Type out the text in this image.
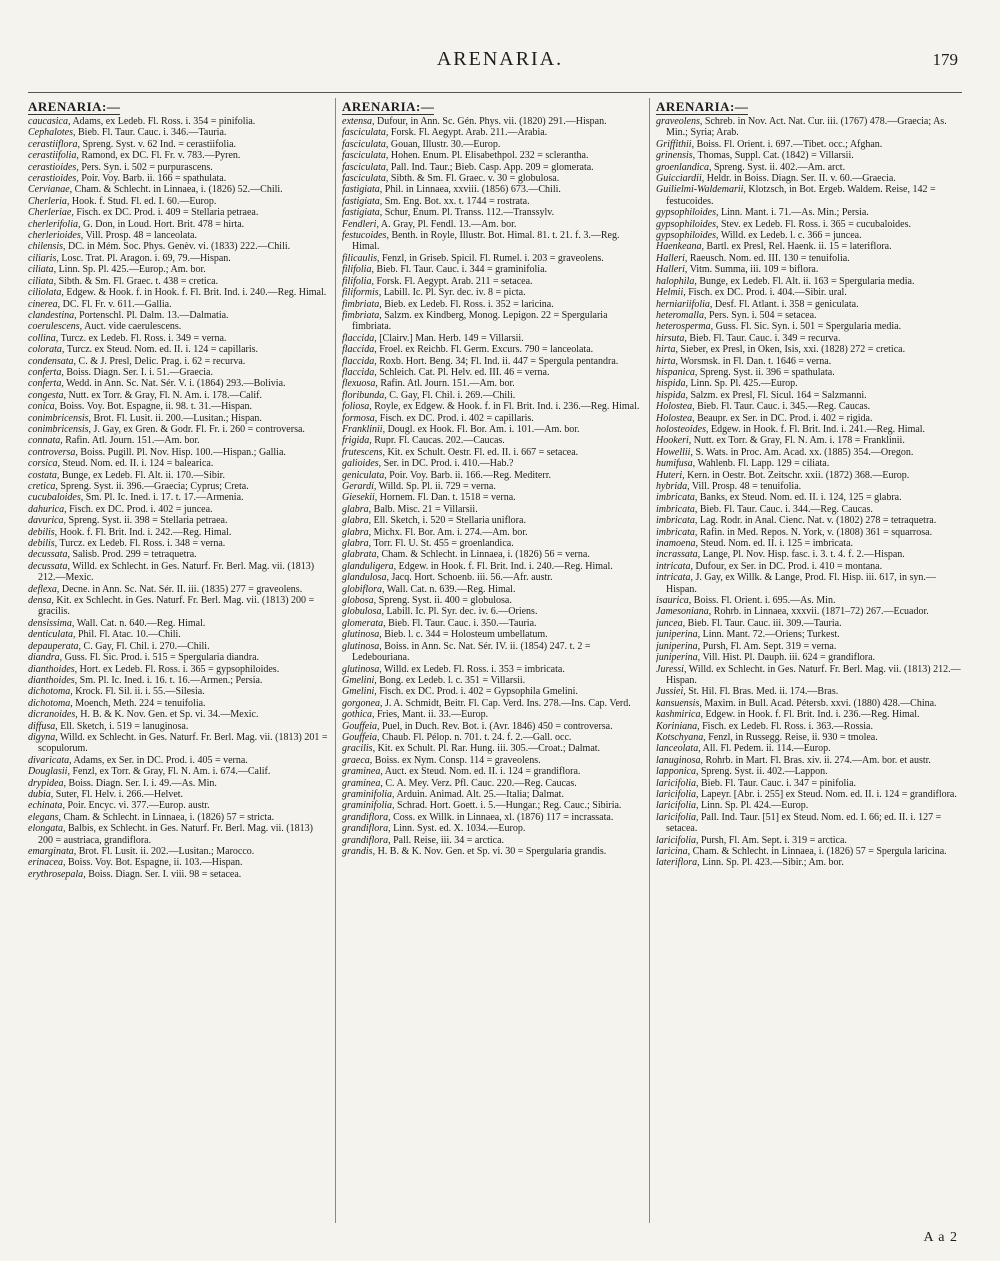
ARENARIA.	179
ARENARIA:—

caucasica, Adams, ex Ledeb. Fl. Ross. i. 354 = pinifolia.

Cephalotes, Bieb. Fl. Taur. Cauc. i. 346.—Tauria.

cerastiiflora, Spreng. Syst. v. 62 Ind. = cerastiifolia.

cerastiifolia, Ramond, ex DC. Fl. Fr. v. 783.—Pyren.

cerastioides, Pers. Syn. i. 502 = purpurascens.

cerastioides, Poir. Voy. Barb. ii. 166 = spathulata.

Cervianae, Cham. & Schlecht. in Linnaea, i. (1826) 52.—Chili.

Cherleria, Hook. f. Stud. Fl. ed. I. 60.—Europ.

Cherleriae, Fisch. ex DC. Prod. i. 409 = Stellaria petraea.

cherlerifolia, G. Don, in Loud. Hort. Brit. 478 = hirta.

cherlerioides, Vill. Prosp. 48 = lanceolata.

chilensis, DC. in Mém. Soc. Phys. Genèv. vi. (1833) 222.—Chili.

ciliaris, Losc. Trat. Pl. Aragon. i. 69, 79.—Hispan.

ciliata, Linn. Sp. Pl. 425.—Europ.; Am. bor.

ciliata, Sibth. & Sm. Fl. Graec. t. 438 = cretica.

ciliolata, Edgew. & Hook. f. in Hook. f. Fl. Brit. Ind. i. 240.—Reg. Himal.

cinerea, DC. Fl. Fr. v. 611.—Gallia.

clandestina, Portenschl. Pl. Dalm. 13.—Dalmatia.

coerulescens, Auct. vide caerulescens.

collina, Turcz. ex Ledeb. Fl. Ross. i. 349 = verna.

colorata, Turcz. ex Steud. Nom. ed. II. i. 124 = capillaris.

condensata, C. & J. Presl, Delic. Prag. i. 62 = recurva.

conferta, Boiss. Diagn. Ser. I. i. 51.—Graecia.

conferta, Wedd. in Ann. Sc. Nat. Sér. V. i. (1864) 293.—Bolivia.

congesta, Nutt. ex Torr. & Gray, Fl. N. Am. i. 178.—Calif.

conica, Boiss. Voy. Bot. Espagne, ii. 98. t. 31.—Hispan.

conimbricensis, Brot. Fl. Lusit. ii. 200.—Lusitan.; Hispan.

conimbricensis, J. Gay, ex Gren. & Godr. Fl. Fr. i. 260 = controversa.

connata, Rafin. Atl. Journ. 151.—Am. bor.

controversa, Boiss. Pugill. Pl. Nov. Hisp. 100.—Hispan.; Gallia.

corsica, Steud. Nom. ed. II. i. 124 = balearica.

costata, Bunge, ex Ledeb. Fl. Alt. ii. 170.—Sibir.

cretica, Spreng. Syst. ii. 396.—Graecia; Cyprus; Creta.

cucubaloides, Sm. Pl. Ic. Ined. i. 17. t. 17.—Armenia.

dahurica, Fisch. ex DC. Prod. i. 402 = juncea.

davurica, Spreng. Syst. ii. 398 = Stellaria petraea.

debilis, Hook. f. Fl. Brit. Ind. i. 242.—Reg. Himal.

debilis, Turcz. ex Ledeb. Fl. Ross. i. 348 = verna.

decussata, Salisb. Prod. 299 = tetraquetra.

decussata, Willd. ex Schlecht. in Ges. Naturf. Fr. Berl. Mag. vii. (1813) 212.—Mexic.

deflexa, Decne. in Ann. Sc. Nat. Sér. II. iii. (1835) 277 = graveolens.

densa, Kit. ex Schlecht. in Ges. Naturf. Fr. Berl. Mag. vii. (1813) 200 = gracilis.

densissima, Wall. Cat. n. 640.—Reg. Himal.

denticulata, Phil. Fl. Atac. 10.—Chili.

depauperata, C. Gay, Fl. Chil. i. 270.—Chili.

diandra, Guss. Fl. Sic. Prod. i. 515 = Spergularia diandra.

dianthoides, Hort. ex Ledeb. Fl. Ross. i. 365 = gypsophiloides.

dianthoides, Sm. Pl. Ic. Ined. i. 16. t. 16.—Armen.; Persia.

dichotoma, Krock. Fl. Sil. ii. i. 55.—Silesia.

dichotoma, Moench, Meth. 224 = tenuifolia.

dicranoides, H. B. & K. Nov. Gen. et Sp. vi. 34.—Mexic.

diffusa, Ell. Sketch, i. 519 = lanuginosa.

digyna, Willd. ex Schlecht. in Ges. Naturf. Fr. Berl. Mag. vii. (1813) 201 = scopulorum.

divaricata, Adams, ex Ser. in DC. Prod. i. 405 = verna.

Douglasii, Fenzl, ex Torr. & Gray, Fl. N. Am. i. 674.—Calif.

drypidea, Boiss. Diagn. Ser. I. i. 49.—As. Min.

dubia, Suter, Fl. Helv. i. 266.—Helvet.

echinata, Poir. Encyc. vi. 377.—Europ. austr.

elegans, Cham. & Schlecht. in Linnaea, i. (1826) 57 = stricta.

elongata, Balbis, ex Schlecht. in Ges. Naturf. Fr. Berl. Mag. vii. (1813) 200 = austriaca, grandiflora.

emarginata, Brot. Fl. Lusit. ii. 202.—Lusitan.; Marocco.

erinacea, Boiss. Voy. Bot. Espagne, ii. 103.—Hispan.

erythrosepala, Boiss. Diagn. Ser. I. viii. 98 = setacea.

ARENARIA:—

extensa, Dufour, in Ann. Sc. Gén. Phys. vii. (1820) 291.—Hispan.

fasciculata, Forsk. Fl. Aegypt. Arab. 211.—Arabia.

fasciculata, Gouan, Illustr. 30.—Europ.

fasciculata, Hohen. Enum. Pl. Elisabethpol. 232 = sclerantha.

fasciculata, Pall. Ind. Taur.; Bieb. Casp. App. 209 = glomerata.

fasciculata, Sibth. & Sm. Fl. Graec. v. 30 = globulosa.

fastigiata, Phil. in Linnaea, xxviii. (1856) 673.—Chili.

fastigiata, Sm. Eng. Bot. xx. t. 1744 = rostrata.

fastigiata, Schur, Enum. Pl. Transs. 112.—Transsylv.

Fendleri, A. Gray, Pl. Fendl. 13.—Am. bor.

festucoides, Benth. in Royle, Illustr. Bot. Himal. 81. t. 21. f. 3.—Reg. Himal.

filicaulis, Fenzl, in Griseb. Spicil. Fl. Rumel. i. 203 = graveolens.

filifolia, Bieb. Fl. Taur. Cauc. i. 344 = graminifolia.

filifolia, Forsk. Fl. Aegypt. Arab. 211 = setacea.

filiformis, Labill. Ic. Pl. Syr. dec. iv. 8 = picta.

fimbriata, Bieb. ex Ledeb. Fl. Ross. i. 352 = laricina.

fimbriata, Salzm. ex Kindberg, Monog. Lepigon. 22 = Spergularia fimbriata.

flaccida, [Clairv.] Man. Herb. 149 = Villarsii.

flaccida, Froel. ex Reichb. Fl. Germ. Excurs. 790 = lanceolata.

flaccida, Roxb. Hort. Beng. 34; Fl. Ind. ii. 447 = Spergula pentandra.

flaccida, Schleich. Cat. Pl. Helv. ed. III. 46 = verna.

flexuosa, Rafin. Atl. Journ. 151.—Am. bor.

floribunda, C. Gay, Fl. Chil. i. 269.—Chili.

foliosa, Royle, ex Edgew. & Hook. f. in Fl. Brit. Ind. i. 236.—Reg. Himal.

formosa, Fisch. ex DC. Prod. i. 402 = capillaris.

Franklinii, Dougl. ex Hook. Fl. Bor. Am. i. 101.—Am. bor.

frigida, Rupr. Fl. Caucas. 202.—Caucas.

frutescens, Kit. ex Schult. Oestr. Fl. ed. II. i. 667 = setacea.

galioides, Ser. in DC. Prod. i. 410.—Hab.?

geniculata, Poir. Voy. Barb. ii. 166.—Reg. Mediterr.

Gerardi, Willd. Sp. Pl. ii. 729 = verna.

Giesekii, Hornem. Fl. Dan. t. 1518 = verna.

glabra, Balb. Misc. 21 = Villarsii.

glabra, Ell. Sketch, i. 520 = Stellaria uniflora.

glabra, Michx. Fl. Bor. Am. i. 274.—Am. bor.

glabra, Torr. Fl. U. St. 455 = groenlandica.

glabrata, Cham. & Schlecht. in Linnaea, i. (1826) 56 = verna.

glanduligera, Edgew. in Hook. f. Fl. Brit. Ind. i. 240.—Reg. Himal.

glandulosa, Jacq. Hort. Schoenb. iii. 56.—Afr. austr.

globiflora, Wall. Cat. n. 639.—Reg. Himal.

globosa, Spreng. Syst. ii. 400 = globulosa.

globulosa, Labill. Ic. Pl. Syr. dec. iv. 6.—Oriens.

glomerata, Bieb. Fl. Taur. Cauc. i. 350.—Tauria.

glutinosa, Bieb. l. c. 344 = Holosteum umbellatum.

glutinosa, Boiss. in Ann. Sc. Nat. Sér. IV. ii. (1854) 247. t. 2 = Ledebouriana.

glutinosa, Willd. ex Ledeb. Fl. Ross. i. 353 = imbricata.

Gmelini, Bong. ex Ledeb. l. c. 351 = Villarsii.

Gmelini, Fisch. ex DC. Prod. i. 402 = Gypsophila Gmelini.

gorgonea, J. A. Schmidt, Beitr. Fl. Cap. Verd. Ins. 278.—Ins. Cap. Verd.

gothica, Fries, Mant. ii. 33.—Europ.

Gouffeia, Puel, in Duch. Rev. Bot. i. (Avr. 1846) 450 = controversa.

Gouffeia, Chaub. Fl. Pélop. n. 701. t. 24. f. 2.—Gall. occ.

gracilis, Kit. ex Schult. Pl. Rar. Hung. iii. 305.—Croat.; Dalmat.

graeca, Boiss. ex Nym. Consp. 114 = graveolens.

graminea, Auct. ex Steud. Nom. ed. II. i. 124 = grandiflora.

graminea, C. A. Mey. Verz. Pfl. Cauc. 220.—Reg. Caucas.

graminifolia, Arduin. Animad. Alt. 25.—Italia; Dalmat.

graminifolia, Schrad. Hort. Goett. i. 5.—Hungar.; Reg. Cauc.; Sibiria.

grandiflora, Coss. ex Willk. in Linnaea, xl. (1876) 117 = incrassata.

grandiflora, Linn. Syst. ed. X. 1034.—Europ.

grandiflora, Pall. Reise, iii. 34 = arctica.

grandis, H. B. & K. Nov. Gen. et Sp. vi. 30 = Spergularia grandis.

ARENARIA:—

graveolens, Schreb. in Nov. Act. Nat. Cur. iii. (1767) 478.—Graecia; As. Min.; Syria; Arab.

Griffithii, Boiss. Fl. Orient. i. 697.—Tibet. occ.; Afghan.

grinensis, Thomas, Suppl. Cat. (1842) = Villarsii.

groenlandica, Spreng. Syst. ii. 402.—Am. arct.

Guicciardii, Heldr. in Boiss. Diagn. Ser. II. v. 60.—Graecia.

Guilielmi-Waldemarii, Klotzsch, in Bot. Ergeb. Waldem. Reise, 142 = festucoides.

gypsophiloides, Linn. Mant. i. 71.—As. Min.; Persia.

gypsophiloides, Stev. ex Ledeb. Fl. Ross. i. 365 = cucubaloides.

gypsophiloides, Willd. ex Ledeb. l. c. 366 = juncea.

Haenkeana, Bartl. ex Presl, Rel. Haenk. ii. 15 = lateriflora.

Halleri, Raeusch. Nom. ed. III. 130 = tenuifolia.

Halleri, Vitm. Summa, iii. 109 = biflora.

halophila, Bunge, ex Ledeb. Fl. Alt. ii. 163 = Spergularia media.

Helmii, Fisch. ex DC. Prod. i. 404.—Sibir. ural.

herniariifolia, Desf. Fl. Atlant. i. 358 = geniculata.

heteromalla, Pers. Syn. i. 504 = setacea.

heterosperma, Guss. Fl. Sic. Syn. i. 501 = Spergularia media.

hirsuta, Bieb. Fl. Taur. Cauc. i. 349 = recurva.

hirta, Sieber, ex Presl, in Oken, Isis, xxi. (1828) 272 = cretica.

hirta, Worsmsk. in Fl. Dan. t. 1646 = verna.

hispanica, Spreng. Syst. ii. 396 = spathulata.

hispida, Linn. Sp. Pl. 425.—Europ.

hispida, Salzm. ex Presl, Fl. Sicul. 164 = Salzmanni.

Holostea, Bieb. Fl. Taur. Cauc. i. 345.—Reg. Caucas.

Holostea, Beaupr. ex Ser. in DC. Prod. i. 402 = rigida.

holosteoides, Edgew. in Hook. f. Fl. Brit. Ind. i. 241.—Reg. Himal.

Hookeri, Nutt. ex Torr. & Gray, Fl. N. Am. i. 178 = Franklinii.

Howellii, S. Wats. in Proc. Am. Acad. xx. (1885) 354.—Oregon.

humifusa, Wahlenb. Fl. Lapp. 129 = ciliata.

Huteri, Kern. in Oestr. Bot. Zeitschr. xxii. (1872) 368.—Europ.

hybrida, Vill. Prosp. 48 = tenuifolia.

imbricata, Banks, ex Steud. Nom. ed. II. i. 124, 125 = glabra.

imbricata, Bieb. Fl. Taur. Cauc. i. 344.—Reg. Caucas.

imbricata, Lag. Rodr. in Anal. Cienc. Nat. v. (1802) 278 = tetraquetra.

imbricata, Rafin. in Med. Repos. N. York, v. (1808) 361 = squarrosa.

inamoena, Steud. Nom. ed. II. i. 125 = imbricata.

incrassata, Lange, Pl. Nov. Hisp. fasc. i. 3. t. 4. f. 2.—Hispan.

intricata, Dufour, ex Ser. in DC. Prod. i. 410 = montana.

intricata, J. Gay, ex Willk. & Lange, Prod. Fl. Hisp. iii. 617, in syn.—Hispan.

isaurica, Boiss. Fl. Orient. i. 695.—As. Min.

Jamesoniana, Rohrb. in Linnaea, xxxvii. (1871–72) 267.—Ecuador.

juncea, Bieb. Fl. Taur. Cauc. iii. 309.—Tauria.

juniperina, Linn. Mant. 72.—Oriens; Turkest.

juniperina, Pursh, Fl. Am. Sept. 319 = verna.

juniperina, Vill. Hist. Pl. Dauph. iii. 624 = grandiflora.

Juressi, Willd. ex Schlecht. in Ges. Naturf. Fr. Berl. Mag. vii. (1813) 212.—Hispan.

Jussiei, St. Hil. Fl. Bras. Med. ii. 174.—Bras.

kansuensis, Maxim. in Bull. Acad. Pétersb. xxvi. (1880) 428.—China.

kashmirica, Edgew. in Hook. f. Fl. Brit. Ind. i. 236.—Reg. Himal.

Koriniana, Fisch. ex Ledeb. Fl. Ross. i. 363.—Rossia.

Kotschyana, Fenzl, in Russegg. Reise, ii. 930 = tmolea.

lanceolata, All. Fl. Pedem. ii. 114.—Europ.

lanuginosa, Rohrb. in Mart. Fl. Bras. xiv. ii. 274.—Am. bor. et austr.

lapponica, Spreng. Syst. ii. 402.—Lappon.

laricifolia, Bieb. Fl. Taur. Cauc. i. 347 = pinifolia.

laricifolia, Lapeyr. [Abr. i. 255] ex Steud. Nom. ed. II. i. 124 = grandiflora.

laricifolia, Linn. Sp. Pl. 424.—Europ.

laricifolia, Pall. Ind. Taur. [51] ex Steud. Nom. ed. I. 66; ed. II. i. 127 = setacea.

laricifolia, Pursh, Fl. Am. Sept. i. 319 = arctica.

laricina, Cham. & Schlecht. in Linnaea, i. (1826) 57 = Spergula laricina.

lateriflora, Linn. Sp. Pl. 423.—Sibir.; Am. bor.

A a 2
